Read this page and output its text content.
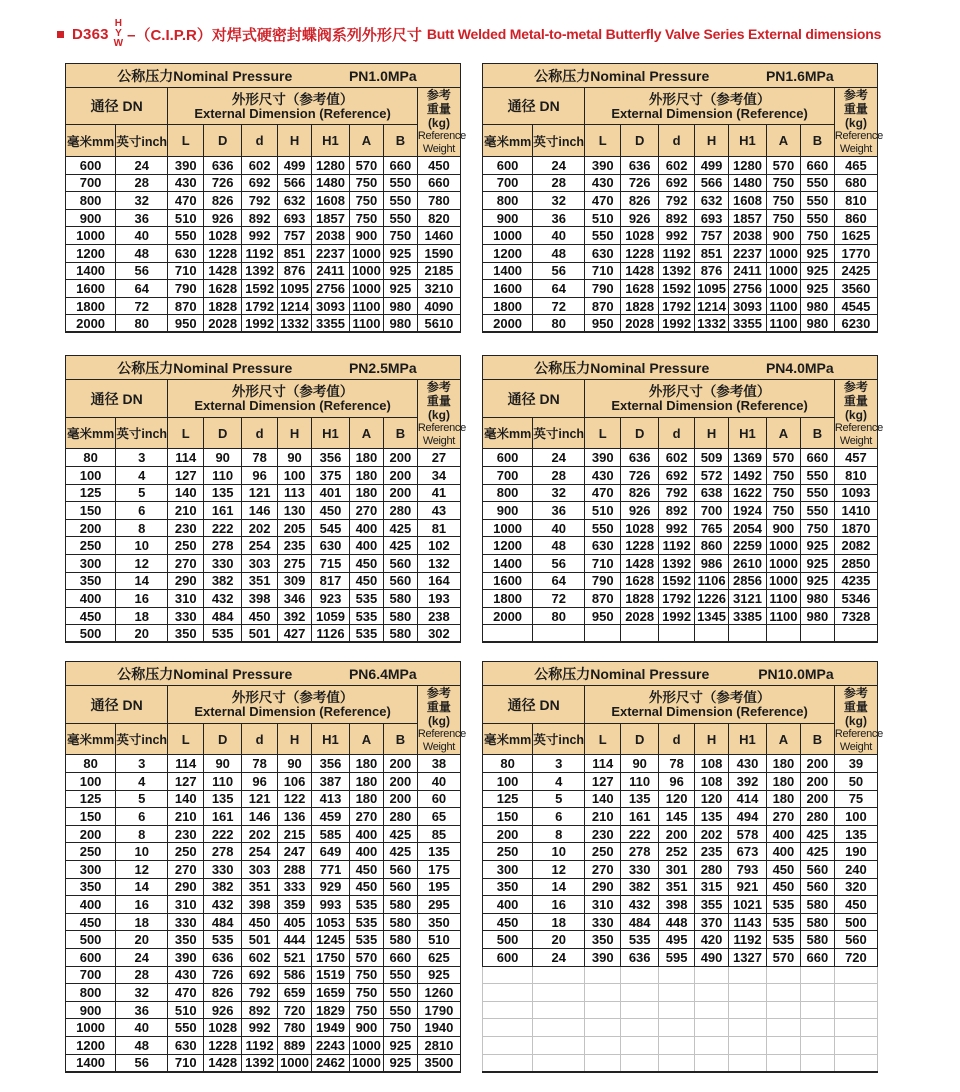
D363
H
Y
W –（C.I.P.R）对焊式硬密封蝶阀系列外形尺寸 Butt Welded Metal-to-metal Butterfly Valve Series External dimensions
公称压力Nominal Pressure PN1.0MPa									

通径 DN	外形尺寸（参考值）
External Dimension (Reference)

参考
重量(kg)
Reference
Weight

毫米mm	英寸inch	L	D	d	H	H1	A	B	
600	24	390	636	602	499	1280	570	660	450
700	28	430	726	692	566	1480	750	550	660
800	32	470	826	792	632	1608	750	550	780
900	36	510	926	892	693	1857	750	550	820
1000	40	550	1028	992	757	2038	900	750	1460
1200	48	630	1228	1192	851	2237	1000	925	1590
1400	56	710	1428	1392	876	2411	1000	925	2185
1600	64	790	1628	1592	1095	2756	1000	925	3210
1800	72	870	1828	1792	1214	3093	1100	980	4090
2000	80	950	2028	1992	1332	3355	1100	980	5610
公称压力Nominal Pressure PN1.6MPa									

通径 DN	外形尺寸（参考值）
External Dimension (Reference)

参考
重量(kg)
Reference
Weight

毫米mm	英寸inch	L	D	d	H	H1	A	B	
600	24	390	636	602	499	1280	570	660	465
700	28	430	726	692	566	1480	750	550	680
800	32	470	826	792	632	1608	750	550	810
900	36	510	926	892	693	1857	750	550	860
1000	40	550	1028	992	757	2038	900	750	1625
1200	48	630	1228	1192	851	2237	1000	925	1770
1400	56	710	1428	1392	876	2411	1000	925	2425
1600	64	790	1628	1592	1095	2756	1000	925	3560
1800	72	870	1828	1792	1214	3093	1100	980	4545
2000	80	950	2028	1992	1332	3355	1100	980	6230
公称压力Nominal Pressure PN2.5MPa									

通径 DN	外形尺寸（参考值）
External Dimension (Reference)

参考
重量(kg)
Reference
Weight

毫米mm	英寸inch	L	D	d	H	H1	A	B	
80	3	114	90	78	90	356	180	200	27
100	4	127	110	96	100	375	180	200	34
125	5	140	135	121	113	401	180	200	41
150	6	210	161	146	130	450	270	280	43
200	8	230	222	202	205	545	400	425	81
250	10	250	278	254	235	630	400	425	102
300	12	270	330	303	275	715	450	560	132
350	14	290	382	351	309	817	450	560	164
400	16	310	432	398	346	923	535	580	193
450	18	330	484	450	392	1059	535	580	238
500	20	350	535	501	427	1126	535	580	302
公称压力Nominal Pressure PN4.0MPa									

通径 DN	外形尺寸（参考值）
External Dimension (Reference)

参考
重量(kg)
Reference
Weight

毫米mm	英寸inch	L	D	d	H	H1	A	B	
600	24	390	636	602	509	1369	570	660	457
700	28	430	726	692	572	1492	750	550	810
800	32	470	826	792	638	1622	750	550	1093
900	36	510	926	892	700	1924	750	550	1410
1000	40	550	1028	992	765	2054	900	750	1870
1200	48	630	1228	1192	860	2259	1000	925	2082
1400	56	710	1428	1392	986	2610	1000	925	2850
1600	64	790	1628	1592	1106	2856	1000	925	4235
1800	72	870	1828	1792	1226	3121	1100	980	5346
2000	80	950	2028	1992	1345	3385	1100	980	7328

公称压力Nominal Pressure PN6.4MPa									

通径 DN	外形尺寸（参考值）
External Dimension (Reference)

参考
重量(kg)
Reference
Weight

毫米mm	英寸inch	L	D	d	H	H1	A	B	
80	3	114	90	78	90	356	180	200	38
100	4	127	110	96	106	387	180	200	40
125	5	140	135	121	122	413	180	200	60
150	6	210	161	146	136	459	270	280	65
200	8	230	222	202	215	585	400	425	85
250	10	250	278	254	247	649	400	425	135
300	12	270	330	303	288	771	450	560	175
350	14	290	382	351	333	929	450	560	195
400	16	310	432	398	359	993	535	580	295
450	18	330	484	450	405	1053	535	580	350
500	20	350	535	501	444	1245	535	580	510
600	24	390	636	602	521	1750	570	660	625
700	28	430	726	692	586	1519	750	550	925
800	32	470	826	792	659	1659	750	550	1260
900	36	510	926	892	720	1829	750	550	1790
1000	40	550	1028	992	780	1949	900	750	1940
1200	48	630	1228	1192	889	2243	1000	925	2810
1400	56	710	1428	1392	1000	2462	1000	925	3500
公称压力Nominal Pressure PN10.0MPa									

通径 DN	外形尺寸（参考值）
External Dimension (Reference)

参考
重量(kg)
Reference
Weight

毫米mm	英寸inch	L	D	d	H	H1	A	B	
80	3	114	90	78	108	430	180	200	39
100	4	127	110	96	108	392	180	200	50
125	5	140	135	120	120	414	180	200	75
150	6	210	161	145	135	494	270	280	100
200	8	230	222	200	202	578	400	425	135
250	10	250	278	252	235	673	400	425	190
300	12	270	330	301	280	793	450	560	240
350	14	290	382	351	315	921	450	560	320
400	16	310	432	398	355	1021	535	580	450
450	18	330	484	448	370	1143	535	580	500
500	20	350	535	495	420	1192	535	580	560
600	24	390	636	595	490	1327	570	660	720
